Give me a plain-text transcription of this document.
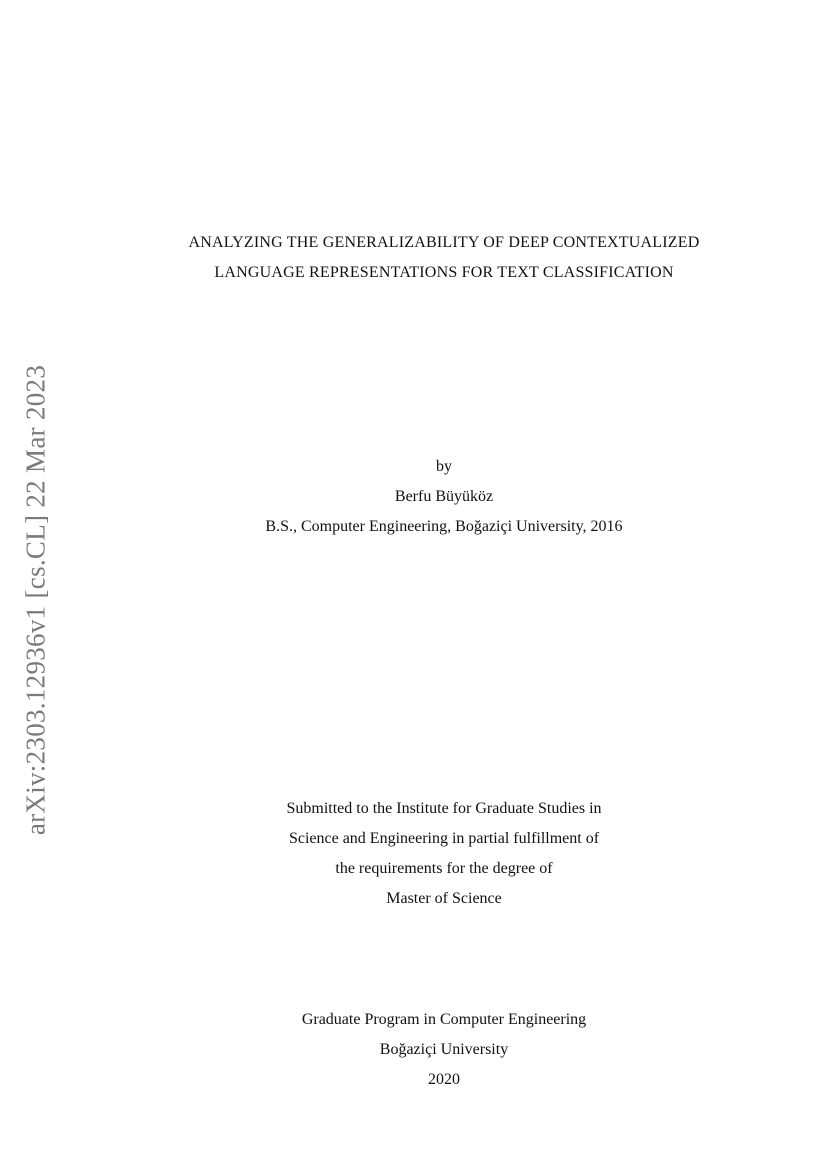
arXiv:2303.12936v1 [cs.CL] 22 Mar 2023
ANALYZING THE GENERALIZABILITY OF DEEP CONTEXTUALIZED
LANGUAGE REPRESENTATIONS FOR TEXT CLASSIFICATION
by
Berfu Büyüköz
B.S., Computer Engineering, Boğaziçi University, 2016
Submitted to the Institute for Graduate Studies in
Science and Engineering in partial fulfillment of
the requirements for the degree of
Master of Science
Graduate Program in Computer Engineering
Boğaziçi University
2020
